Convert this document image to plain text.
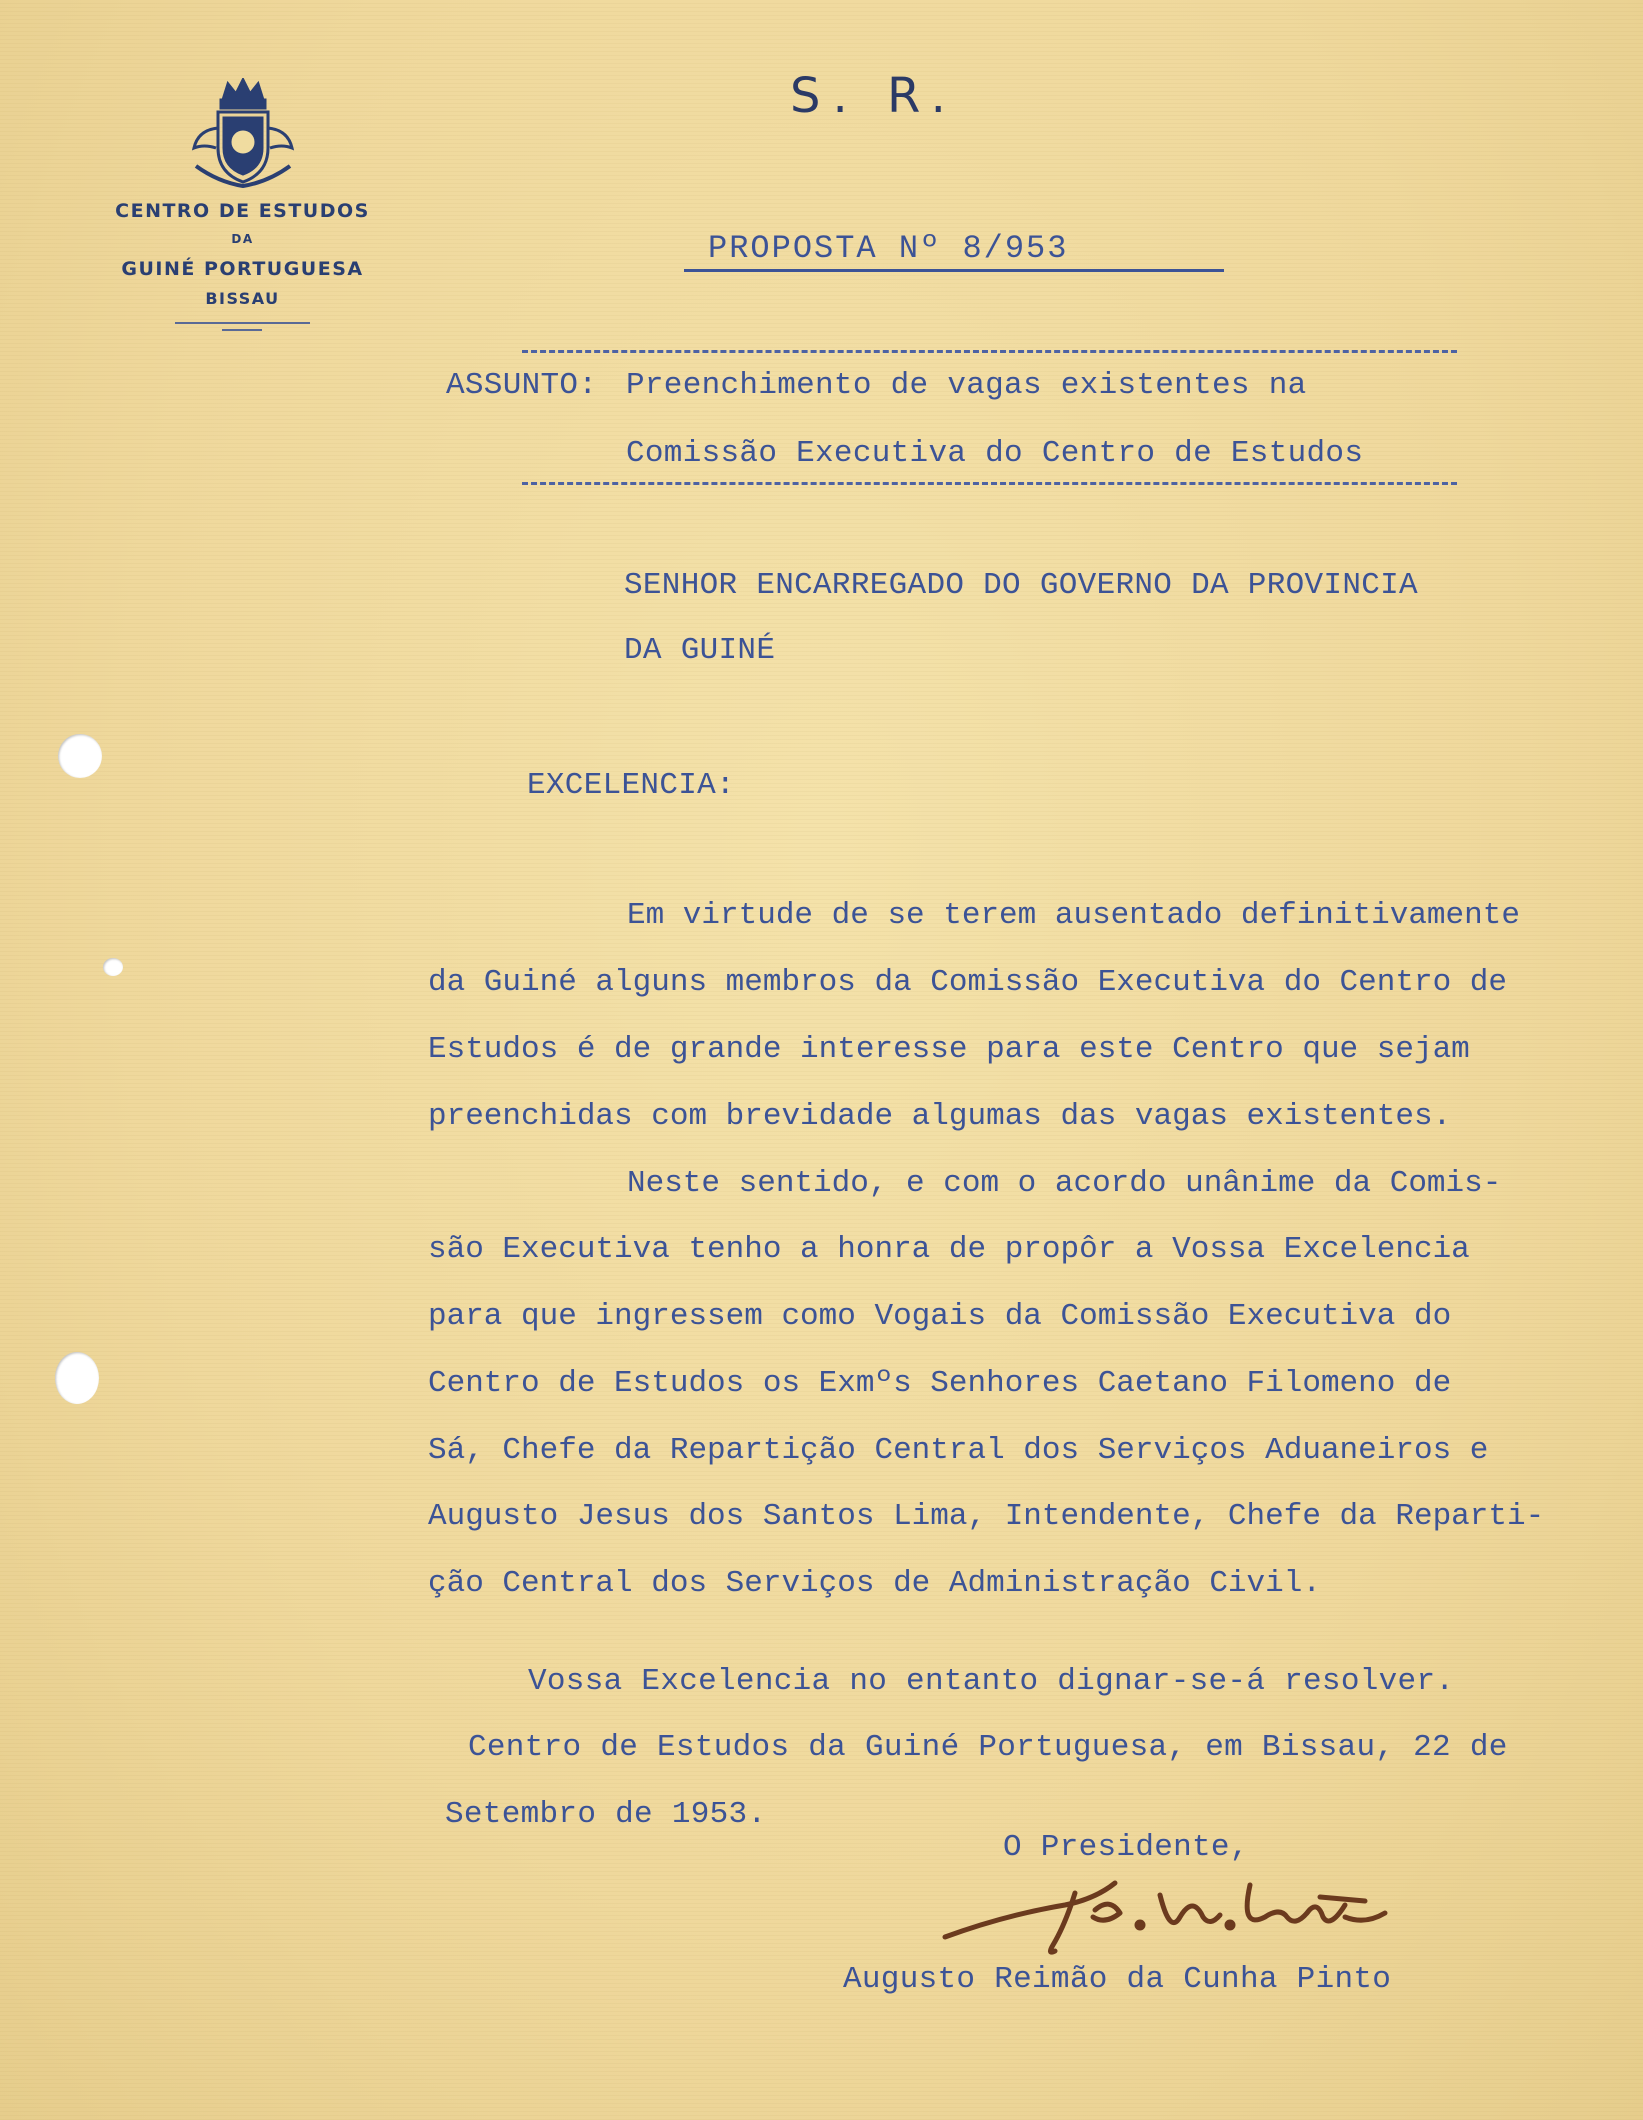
CENTRO DE ESTUDOS
DA
GUINÉ PORTUGUESA
BISSAU
S. R.
PROPOSTA Nº 8/953
ASSUNTO: Preenchimento de vagas existentes na
Comissão Executiva do Centro de Estudos
SENHOR ENCARREGADO DO GOVERNO DA PROVINCIA
DA GUINÉ
EXCELENCIA:
Em virtude de se terem ausentado definitivamente
da Guiné alguns membros da Comissão Executiva do Centro de
Estudos é de grande interesse para este Centro que sejam
preenchidas com brevidade algumas das vagas existentes.
Neste sentido, e com o acordo unânime da Comis-
são Executiva tenho a honra de propôr a Vossa Excelencia
para que ingressem como Vogais da Comissão Executiva do
Centro de Estudos os Exmºs Senhores Caetano Filomeno de
Sá, Chefe da Repartição Central dos Serviços Aduaneiros e
Augusto Jesus dos Santos Lima, Intendente, Chefe da Reparti-
ção Central dos Serviços de Administração Civil.
Vossa Excelencia no entanto dignar-se-á resolver.
Centro de Estudos da Guiné Portuguesa, em Bissau, 22 de
Setembro de 1953.
O Presidente,
Augusto Reimão da Cunha Pinto
